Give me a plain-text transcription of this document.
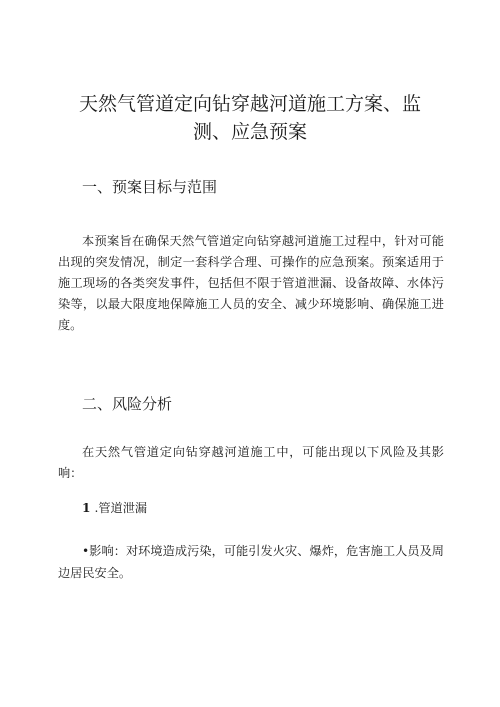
天然气管道定向钻穿越河道施工方案、监测、应急预案
一、预案目标与范围

本预案旨在确保天然气管道定向钻穿越河道施工过程中，针对可能出现的突发情况，制定一套科学合理、可操作的应急预案。预案适用于施工现场的各类突发事件，包括但不限于管道泄漏、设备故障、水体污染等，以最大限度地保障施工人员的安全、减少环境影响、确保施工进度。

二、风险分析

在天然气管道定向钻穿越河道施工中，可能出现以下风险及其影响：

1 .管道泄漏

•影响：对环境造成污染，可能引发火灾、爆炸，危害施工人员及周边居民安全。
